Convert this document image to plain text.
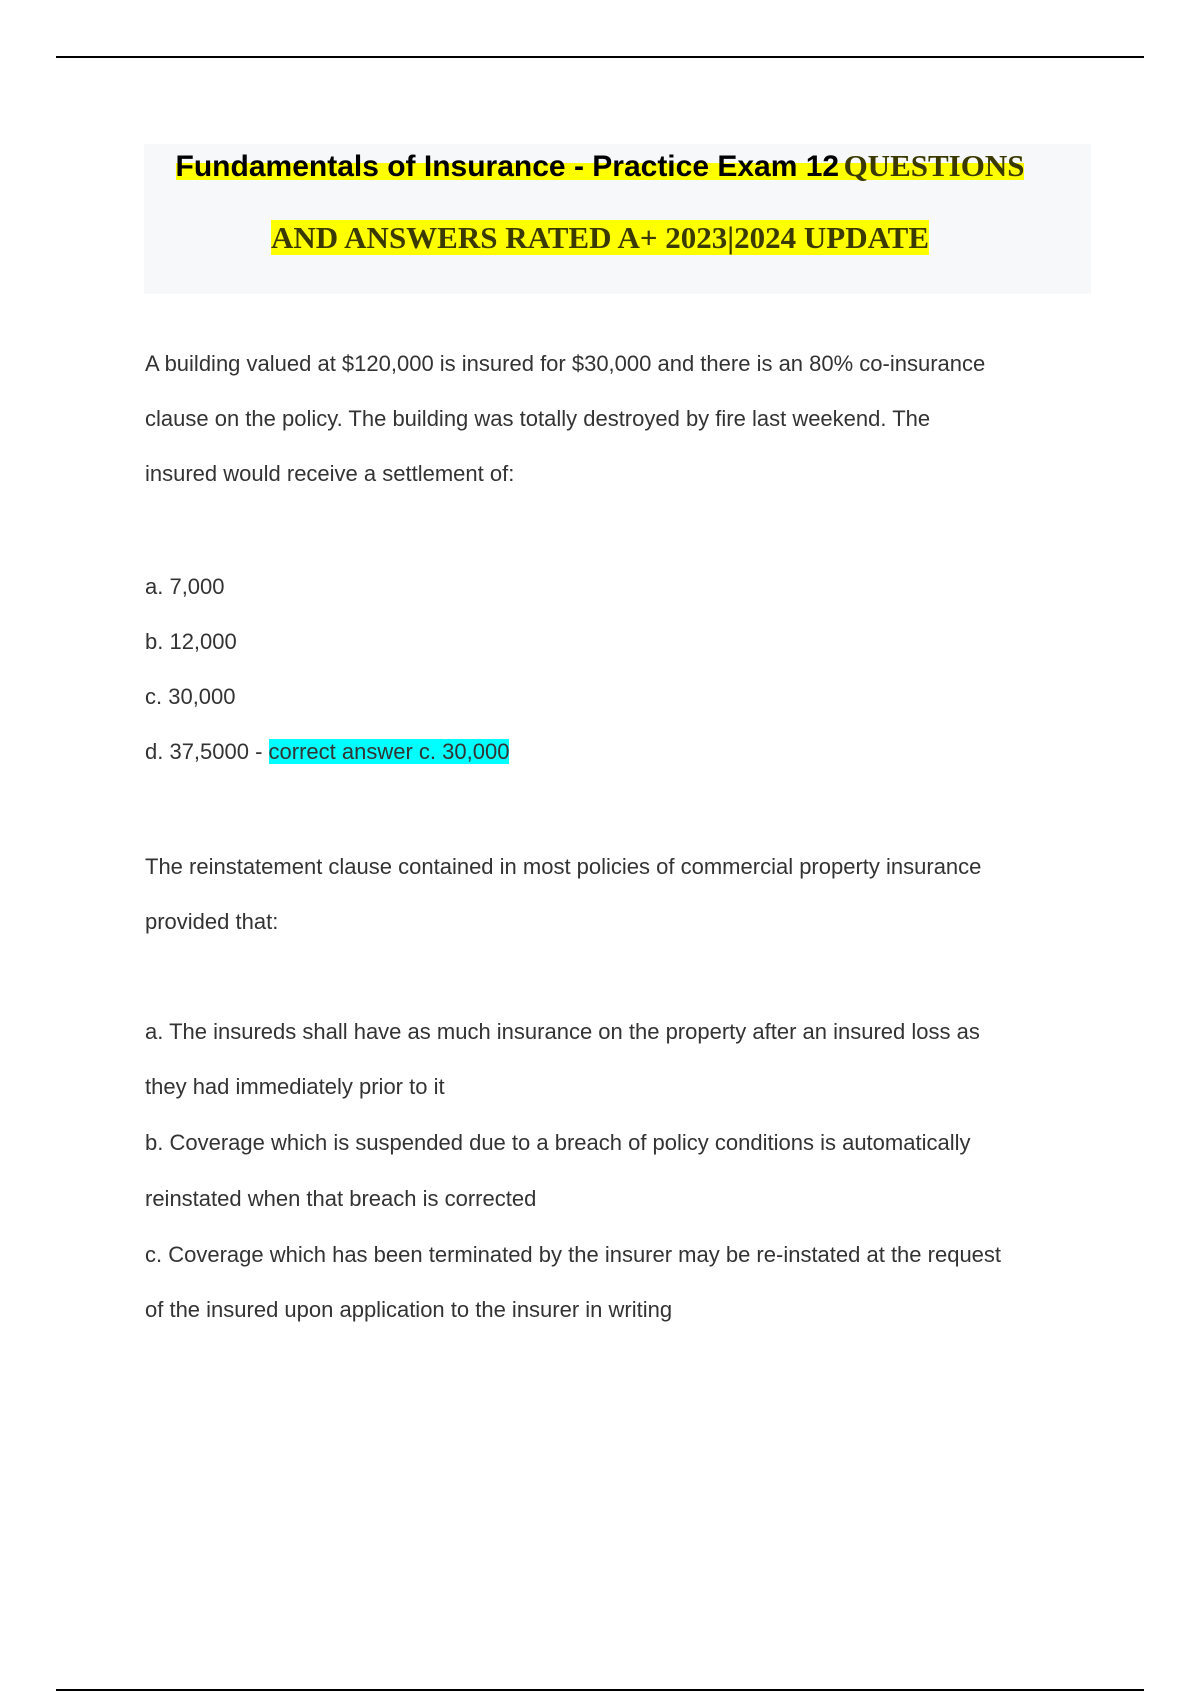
Fundamentals of Insurance - Practice Exam 12 QUESTIONS
AND ANSWERS RATED A+ 2023|2024 UPDATE
A building valued at $120,000 is insured for $30,000 and there is an 80% co-insurance
clause on the policy. The building was totally destroyed by fire last weekend. The
insured would receive a settlement of:
a. 7,000
b. 12,000
c. 30,000
d. 37,5000 - correct answer c. 30,000
The reinstatement clause contained in most policies of commercial property insurance
provided that:
a. The insureds shall have as much insurance on the property after an insured loss as
they had immediately prior to it
b. Coverage which is suspended due to a breach of policy conditions is automatically
reinstated when that breach is corrected
c. Coverage which has been terminated by the insurer may be re-instated at the request
of the insured upon application to the insurer in writing
